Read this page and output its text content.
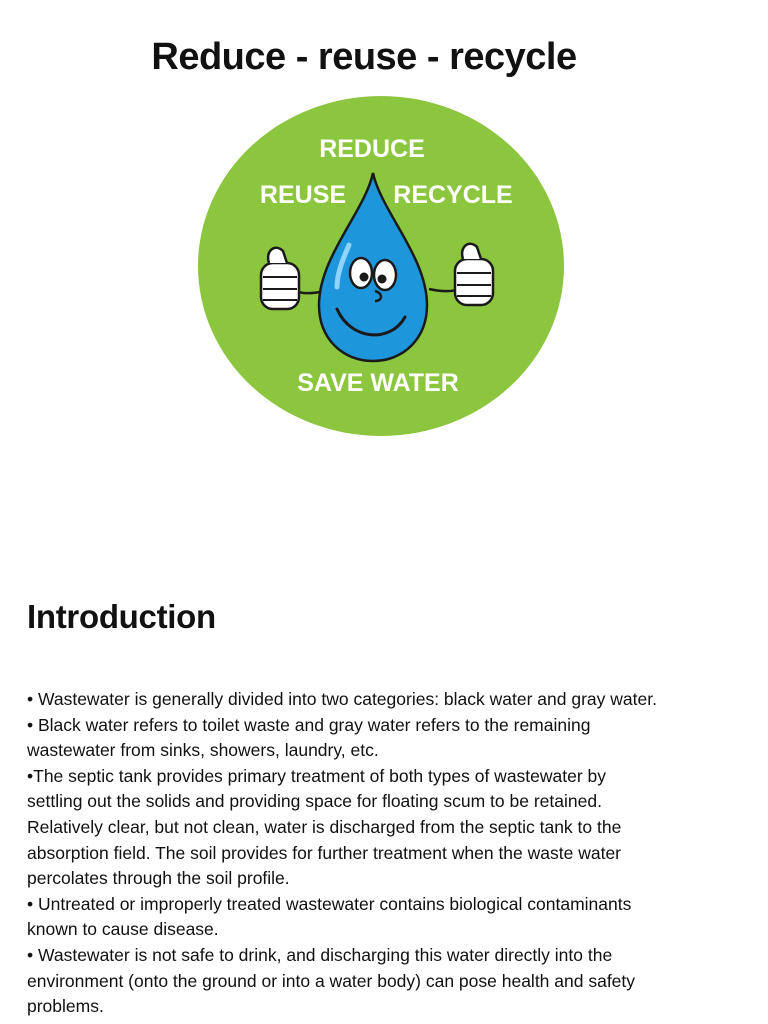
Reduce - reuse - recycle
REDUCE
REUSE RECYCLE
SAVE WATER
Introduction
• Wastewater is generally divided into two categories: black water and gray water.
• Black water refers to toilet waste and gray water refers to the remaining
wastewater from sinks, showers, laundry, etc.
•The septic tank provides primary treatment of both types of wastewater by
settling out the solids and providing space for floating scum to be retained.
Relatively clear, but not clean, water is discharged from the septic tank to the
absorption field. The soil provides for further treatment when the waste water
percolates through the soil profile.
• Untreated or improperly treated wastewater contains biological contaminants
known to cause disease.
• Wastewater is not safe to drink, and discharging this water directly into the
environment (onto the ground or into a water body) can pose health and safety
problems.
